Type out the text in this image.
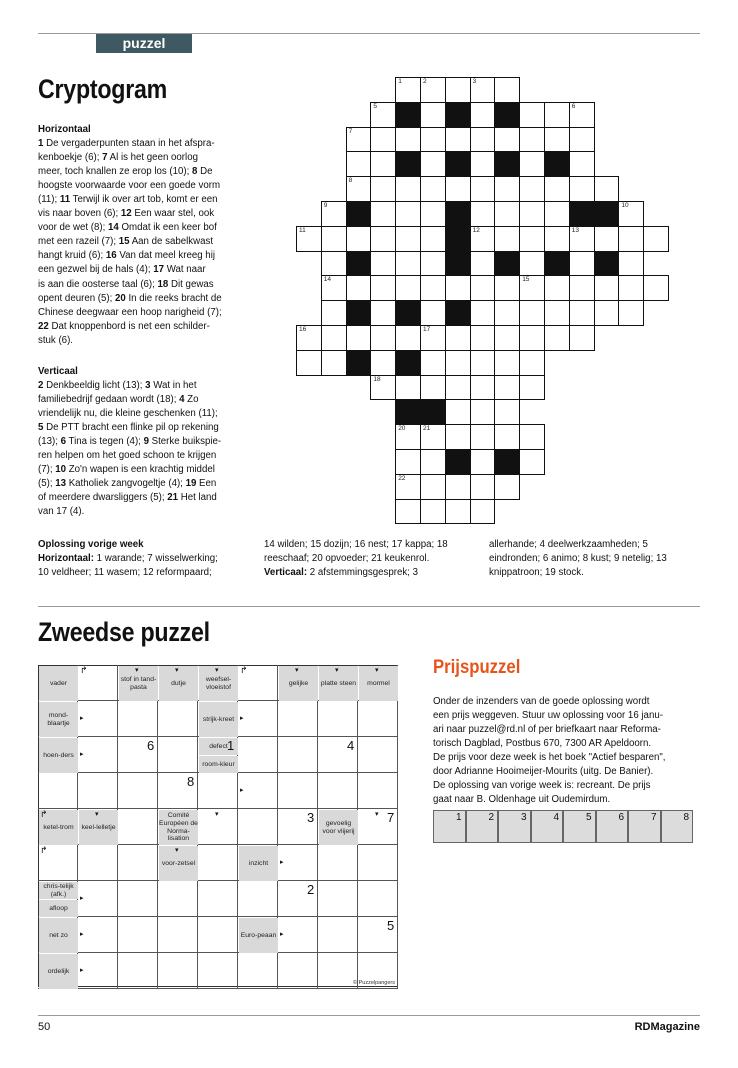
puzzel
Cryptogram
Horizontaal

1 De vergaderpunten staan in het afspra-
kenboekje (6); 7 Al is het geen oorlog
meer, toch knallen ze erop los (10); 8 De
hoogste voorwaarde voor een goede vorm
(11); 11 Terwijl ik over art tob, komt er een
vis naar boven (6); 12 Een waar stel, ook
voor de wet (8); 14 Omdat ik een keer bof
met een razeil (7); 15 Aan de sabelkwast
hangt kruid (6); 16 Van dat meel kreeg hij
een gezwel bij de hals (4); 17 Wat naar
is aan die oosterse taal (6); 18 Dit gewas
opent deuren (5); 20 In die reeks bracht de
Chinese deegwaar een hoop narigheid (7);
22 Dat knoppenbord is net een schilder-
stuk (6).

Verticaal

2 Denkbeeldig licht (13); 3 Wat in het
familiebedrijf gedaan wordt (18); 4 Zo
vriendelijk nu, die kleine geschenken (11);
5 De PTT bracht een flinke pil op rekening
(13); 6 Tina is tegen (4); 9 Sterke buikspie-
ren helpen om het goed schoon te krijgen
(7); 10 Zo'n wapen is een krachtig middel
(5); 13 Katholiek zangvogeltje (4); 19 Een
of meerdere dwarsliggers (5); 21 Het land
van 17 (4).

1	2	3
5	6
7
8
9	10
11	12	13
14	15
16	17
18
20	21
22
Oplossing vorige week
Horizontaal: 1 warande; 7 wisselwerking;
10 veldheer; 11 wasem; 12 reformpaard;
14 wilden; 15 dozijn; 16 nest; 17 kappa; 18
reeschaaf; 20 opvoeder; 21 keukenrol.
Verticaal: 2 afstemmingsgesprek; 3
allerhande; 4 deelwerkzaamheden; 5
eindronden; 6 animo; 8 kust; 9 netelig; 13
knippatroon; 19 stock.
Zweedse puzzel
vader
stof in tand-pasta
dutje
weefsel-vloeistof
gelijke	platte steen	mormel
mond-blaartje
strijk-kreet
hoen-ders
ketel-trom	keel-lelletje
Comité Européen de Norma-lisation
gevoelig voor vlijerij
voor-zetsel	inzicht
net zo	Euro-peaan
ordelijk
defect
room-kleur
chris-telijk (afk.)
afloop
6	1	4
8
3	7
2
5
↱	▾	▾	▾ ↱	▾	▾	▾
▸	▸
▸
↱	▾	▾	▾
▾
▸
▸
▸	▸
▸
▸
↱
© Puzzelpangers
Prijspuzzel
Onder de inzenders van de goede oplossing wordt
een prijs weggeven. Stuur uw oplossing voor 16 janu-
ari naar puzzel@rd.nl of per briefkaart naar Reforma-
torisch Dagblad, Postbus 670, 7300 AR Apeldoorn.
De prijs voor deze week is het boek "Actief besparen",
door Adrianne Hooimeijer-Mourits (uitg. De Banier).
De oplossing van vorige week is: recreant. De prijs
gaat naar B. Oldenhage uit Oudemirdum.
1	2	3	4	5	6	7	8
50	RDMagazine
